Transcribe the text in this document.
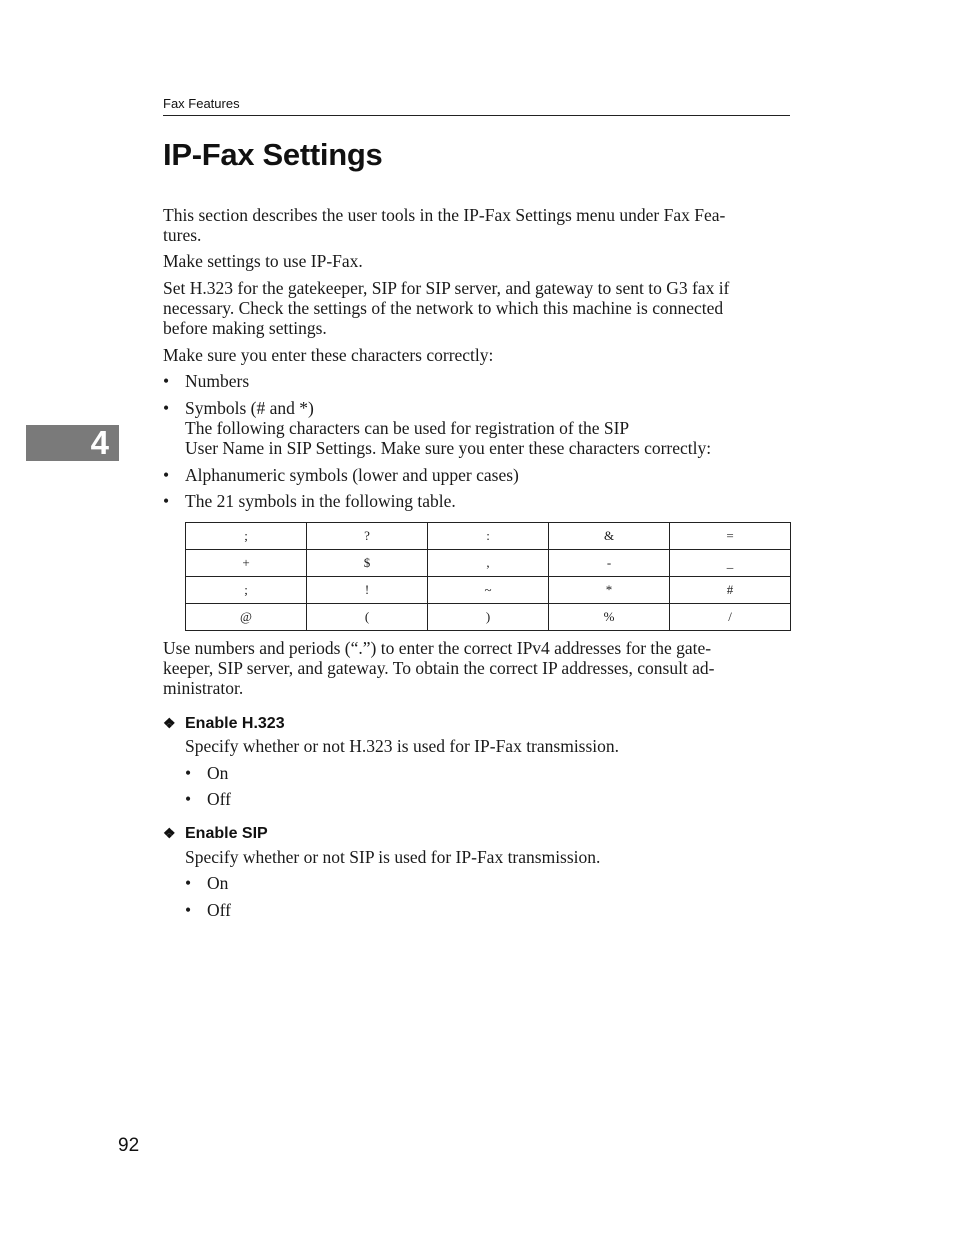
Fax Features
IP-Fax Settings
4
This section describes the user tools in the IP-Fax Settings menu under Fax Fea-
tures.
Make settings to use IP-Fax.
Set H.323 for the gatekeeper, SIP for SIP server, and gateway to sent to G3 fax if
necessary. Check the settings of the network to which this machine is connected
before making settings.
Make sure you enter these characters correctly:
• Numbers
• Symbols (# and *)
The following characters can be used for registration of the SIP
User Name in SIP Settings. Make sure you enter these characters correctly:
• Alphanumeric symbols (lower and upper cases)
• The 21 symbols in the following table.
;	?	:	&	=
+	$	,	-	_
;	!	~	*	#
@	(	)	%	/
Use numbers and periods (“.”) to enter the correct IPv4 addresses for the gate-
keeper, SIP server, and gateway. To obtain the correct IP addresses, consult ad-
ministrator.
❖ Enable H.323
Specify whether or not H.323 is used for IP-Fax transmission.
• On
• Off
❖ Enable SIP
Specify whether or not SIP is used for IP-Fax transmission.
• On
• Off
92
